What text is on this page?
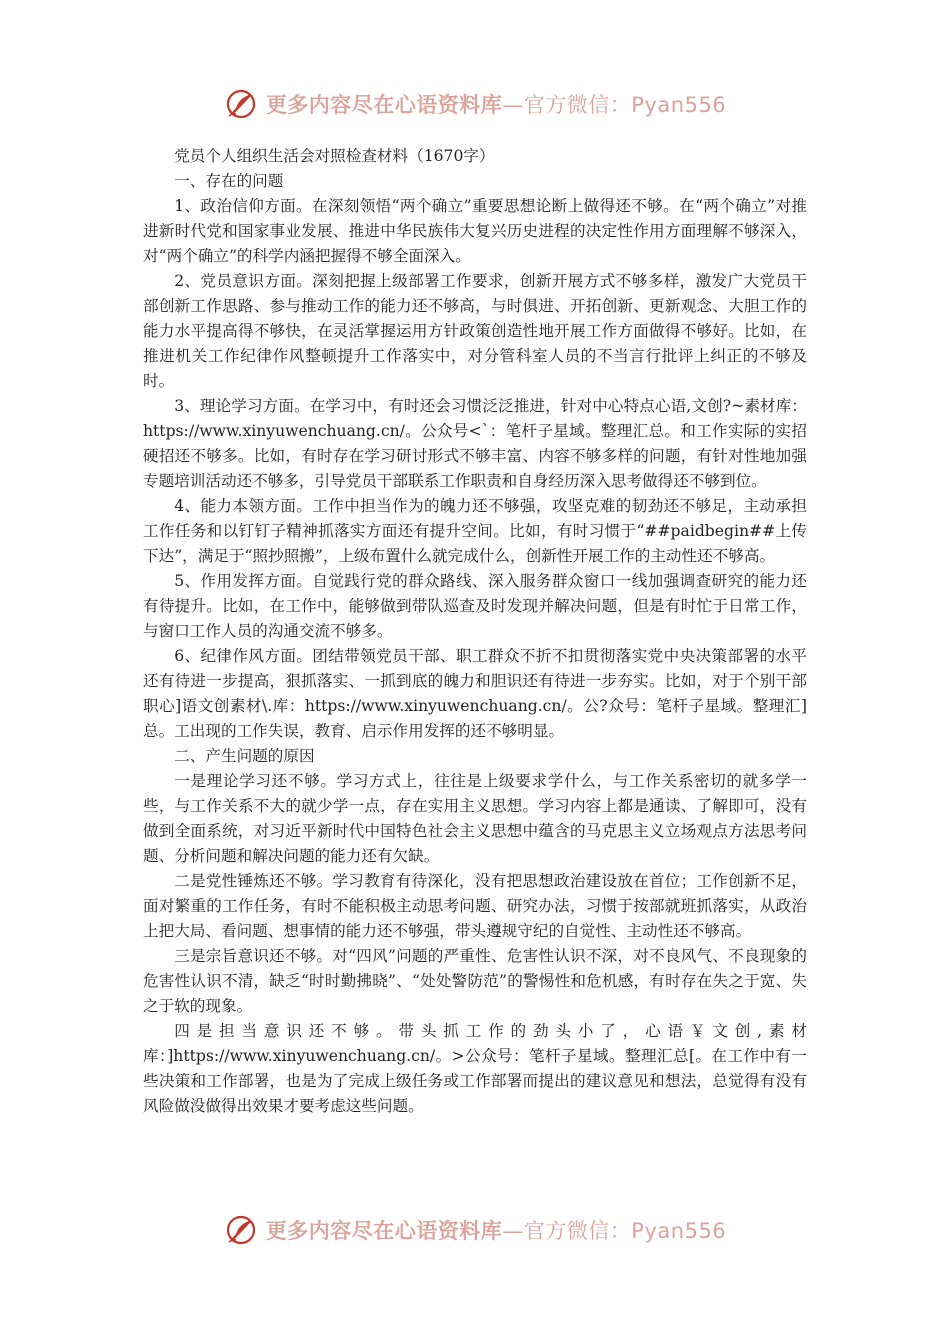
更多内容尽在心语资料库—官方微信：Pyan556

党员个人组织生活会对照检查材料（1670字）

一、存在的问题

1、政治信仰方面。在深刻领悟“两个确立”重要思想论断上做得还不够。在“两个确立”对推进新时代党和国家事业发展、推进中华民族伟大复兴历史进程的决定性作用方面理解不够深入，对“两个确立”的科学内涵把握得不够全面深入。

2、党员意识方面。深刻把握上级部署工作要求，创新开展方式不够多样，激发广大党员干部创新工作思路、参与推动工作的能力还不够高，与时俱进、开拓创新、更新观念、大胆工作的能力水平提高得不够快，在灵活掌握运用方针政策创造性地开展工作方面做得不够好。比如，在推进机关工作纪律作风整顿提升工作落实中，对分管科室人员的不当言行批评上纠正的不够及时。

3、理论学习方面。在学习中，有时还会习惯泛泛推进，针对中心特点心语,文创?~素材库：https://www.xinyuwenchuang.cn/。公众号<`：笔杆子星域。整理汇总。和工作实际的实招硬招还不够多。比如，有时存在学习研讨形式不够丰富、内容不够多样的问题，有针对性地加强专题培训活动还不够多，引导党员干部联系工作职责和自身经历深入思考做得还不够到位。

4、能力本领方面。工作中担当作为的魄力还不够强，攻坚克难的韧劲还不够足，主动承担工作任务和以钉钉子精神抓落实方面还有提升空间。比如，有时习惯于“##paidbegin##上传下达”，满足于“照抄照搬”，上级布置什么就完成什么，创新性开展工作的主动性还不够高。

5、作用发挥方面。自觉践行党的群众路线、深入服务群众窗口一线加强调查研究的能力还有待提升。比如，在工作中，能够做到带队巡查及时发现并解决问题，但是有时忙于日常工作，与窗口工作人员的沟通交流不够多。

6、纪律作风方面。团结带领党员干部、职工群众不折不扣贯彻落实党中央决策部署的水平还有待进一步提高，狠抓落实、一抓到底的魄力和胆识还有待进一步夯实。比如，对于个别干部职心]语文创素材\.库：https://www.xinyuwenchuang.cn/。公?众号：笔杆子星域。整理汇]总。工出现的工作失误，教育、启示作用发挥的还不够明显。

二、产生问题的原因

一是理论学习还不够。学习方式上，往往是上级要求学什么，与工作关系密切的就多学一些，与工作关系不大的就少学一点，存在实用主义思想。学习内容上都是通读、了解即可，没有做到全面系统，对习近平新时代中国特色社会主义思想中蕴含的马克思主义立场观点方法思考问题、分析问题和解决问题的能力还有欠缺。

二是党性锤炼还不够。学习教育有待深化，没有把思想政治建设放在首位；工作创新不足，面对繁重的工作任务，有时不能积极主动思考问题、研究办法，习惯于按部就班抓落实，从政治上把大局、看问题、想事情的能力还不够强，带头遵规守纪的自觉性、主动性还不够高。

三是宗旨意识还不够。对“四风”问题的严重性、危害性认识不深，对不良风气、不良现象的危害性认识不清，缺乏“时时勤拂晓”、“处处警防范”的警惕性和危机感，有时存在失之于宽、失之于软的现象。

四是担当意识还不够。带头抓工作的劲头小了，心语￥文创,素材库：]https://www.xinyuwenchuang.cn/。>公众号：笔杆子星域。整理汇总[。在工作中有一些决策和工作部署，也是为了完成上级任务或工作部署而提出的建议意见和想法，总觉得有没有风险做没做得出效果才要考虑这些问题。

更多内容尽在心语资料库—官方微信：Pyan556
